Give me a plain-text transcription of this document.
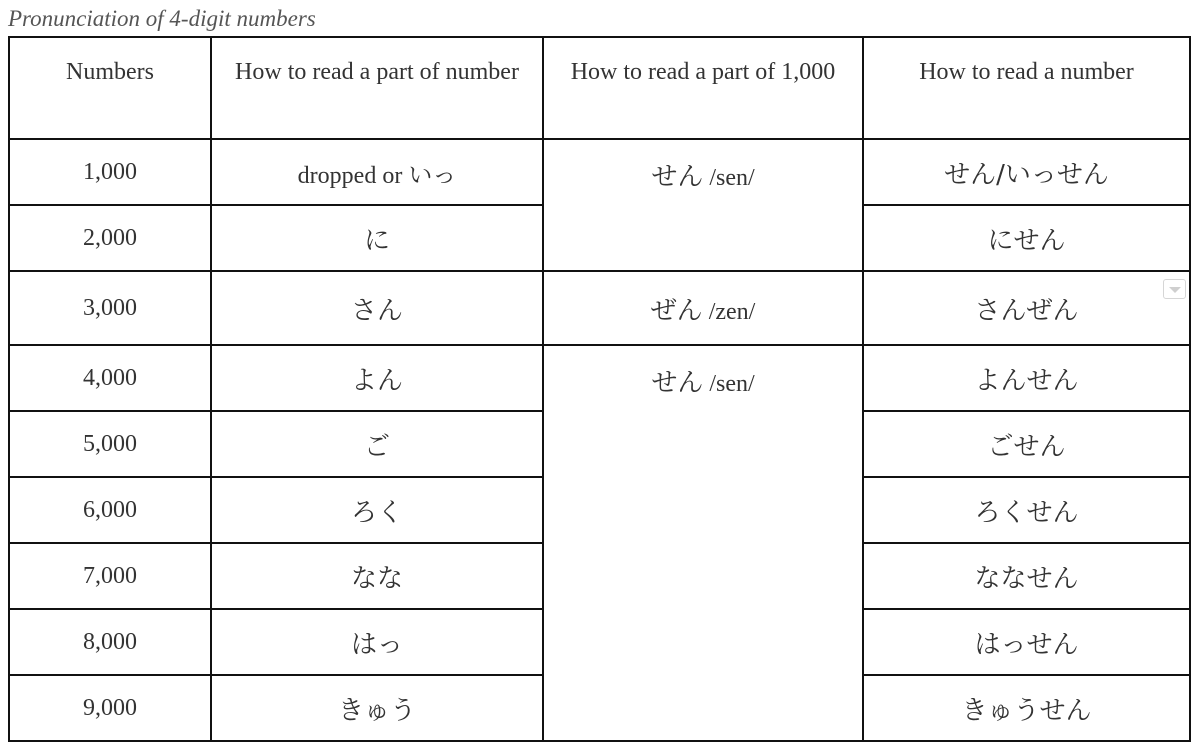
Pronunciation of 4-digit numbers
Numbers	How to read a part of number	How to read a part of 1,000	How to read a number
1,000	dropped or いっ	せん /sen/	せん/いっせん
2,000	に		にせん
3,000	さん	ぜん /zen/	さんぜん
4,000	よん	せん /sen/	よんせん
5,000	ご		ごせん
6,000	ろく		ろくせん
7,000	なな		ななせん
8,000	はっ		はっせん
9,000	きゅう		きゅうせん
